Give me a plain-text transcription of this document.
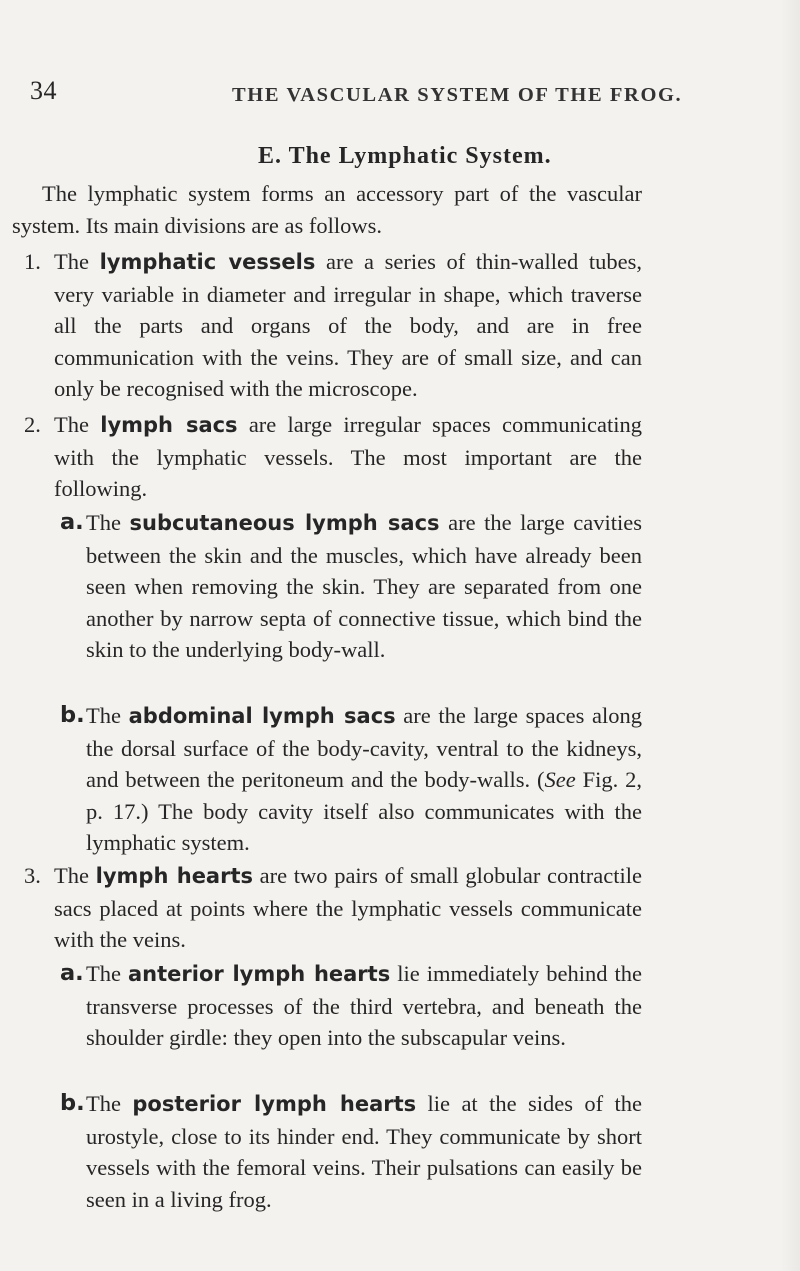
34	THE VASCULAR SYSTEM OF THE FROG.
E. The Lymphatic System.
The lymphatic system forms an accessory part of the vascular system. Its main divisions are as follows.
1. The lymphatic vessels are a series of thin-walled tubes, very variable in diameter and irregular in shape, which traverse all the parts and organs of the body, and are in free communication with the veins. They are of small size, and can only be recognised with the microscope.
2. The lymph sacs are large irregular spaces communicating with the lymphatic vessels. The most important are the following.
a. The subcutaneous lymph sacs are the large cavities between the skin and the muscles, which have already been seen when removing the skin. They are separated from one another by narrow septa of connective tissue, which bind the skin to the underlying body-wall.
b. The abdominal lymph sacs are the large spaces along the dorsal surface of the body-cavity, ventral to the kidneys, and between the peritoneum and the body-walls. (See Fig. 2, p. 17.) The body cavity itself also communicates with the lymphatic system.
3. The lymph hearts are two pairs of small globular contractile sacs placed at points where the lymphatic vessels communicate with the veins.
a. The anterior lymph hearts lie immediately behind the transverse processes of the third vertebra, and beneath the shoulder girdle: they open into the subscapular veins.
b. The posterior lymph hearts lie at the sides of the urostyle, close to its hinder end. They communicate by short vessels with the femoral veins. Their pulsations can easily be seen in a living frog.
